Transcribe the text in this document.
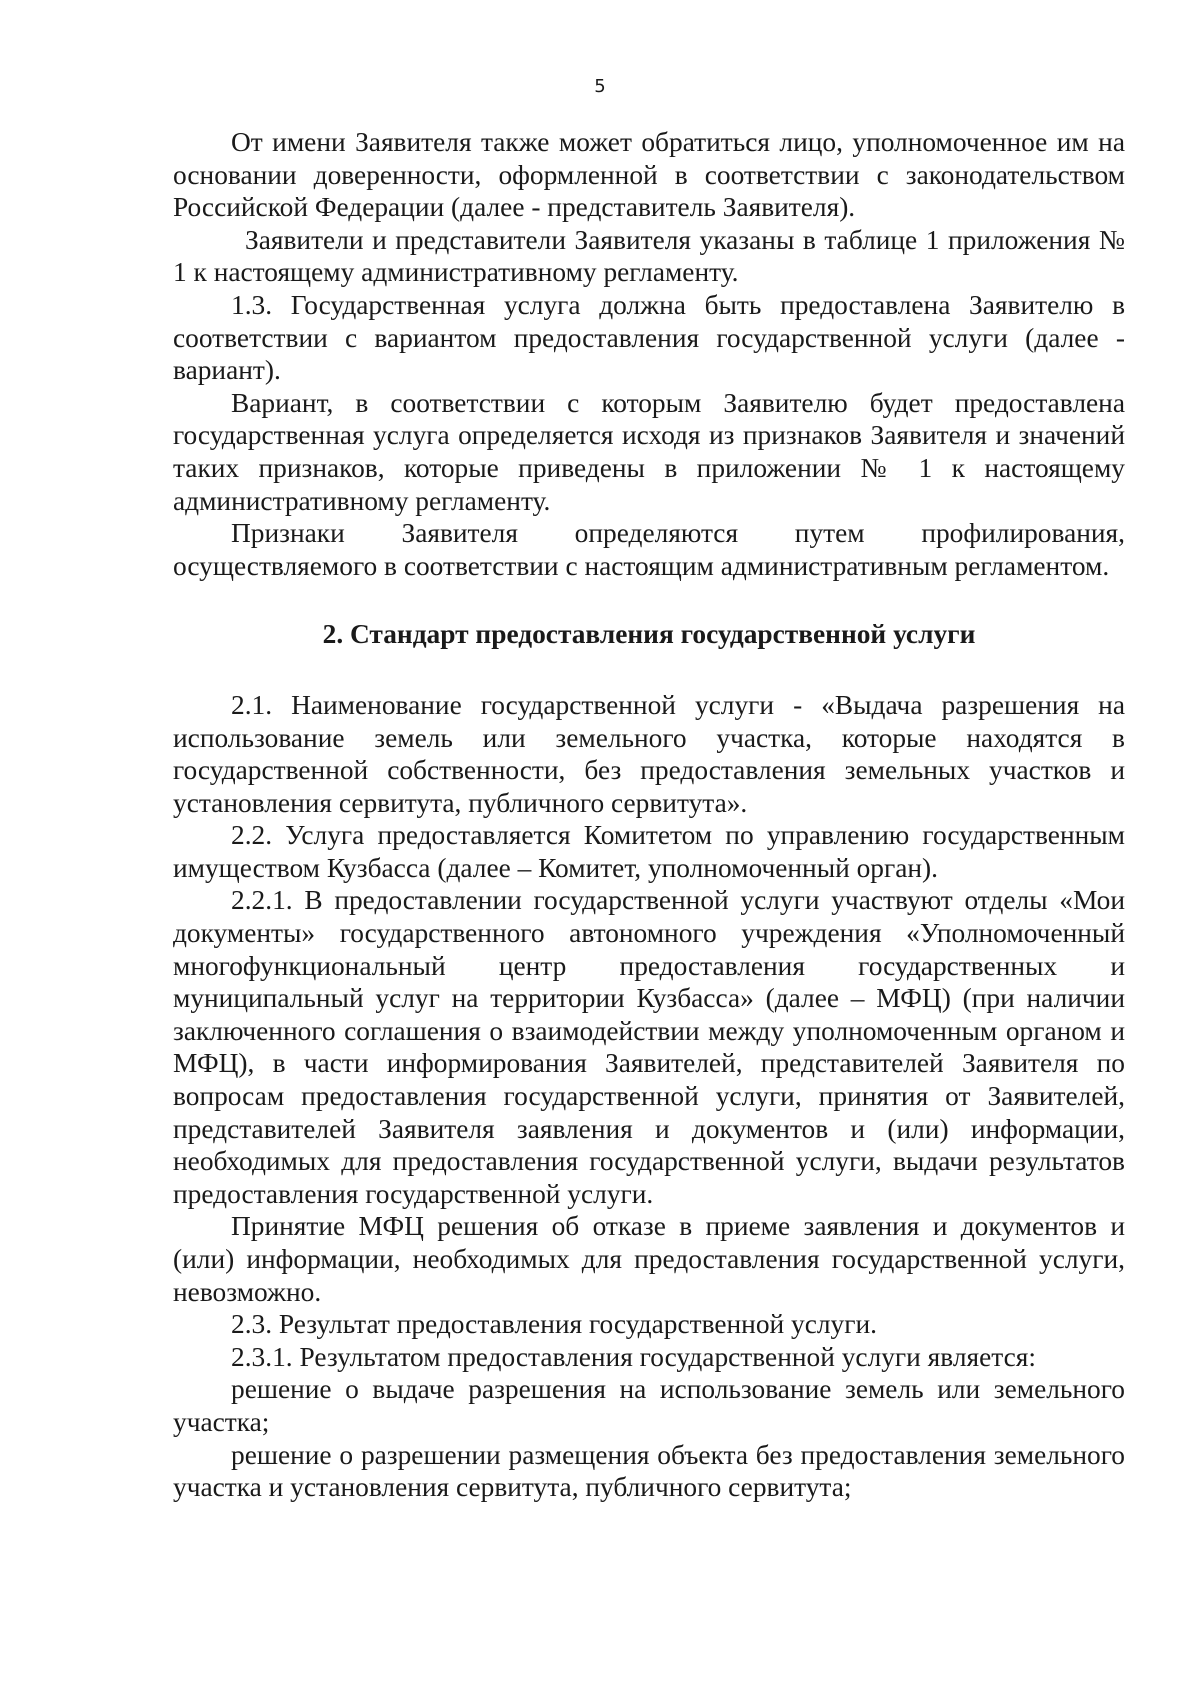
5

От имени Заявителя также может обратиться лицо, уполномоченное им на основании доверенности, оформленной в соответствии с законодательством Российской Федерации (далее - представитель Заявителя).

Заявители и представители Заявителя указаны в таблице 1 приложения № 1 к настоящему административному регламенту.

1.3. Государственная услуга должна быть предоставлена Заявителю в соответствии с вариантом предоставления государственной услуги (далее - вариант).

Вариант, в соответствии с которым Заявителю будет предоставлена государственная услуга определяется исходя из признаков Заявителя и значений таких признаков, которые приведены в приложении № 1 к настоящему административному регламенту.

Признаки Заявителя определяются путем профилирования, осуществляемого в соответствии с настоящим административным регламентом.

2. Стандарт предоставления государственной услуги

2.1. Наименование государственной услуги - «Выдача разрешения на использование земель или земельного участка, которые находятся в государственной собственности, без предоставления земельных участков и установления сервитута, публичного сервитута».

2.2. Услуга предоставляется Комитетом по управлению государственным имуществом Кузбасса (далее – Комитет, уполномоченный орган).

2.2.1. В предоставлении государственной услуги участвуют отделы «Мои документы» государственного автономного учреждения «Уполномоченный многофункциональный центр предоставления государственных и муниципальный услуг на территории Кузбасса» (далее – МФЦ) (при наличии заключенного соглашения о взаимодействии между уполномоченным органом и МФЦ), в части информирования Заявителей, представителей Заявителя по вопросам предоставления государственной услуги, принятия от Заявителей, представителей Заявителя заявления и документов и (или) информации, необходимых для предоставления государственной услуги, выдачи результатов предоставления государственной услуги.

Принятие МФЦ решения об отказе в приеме заявления и документов и (или) информации, необходимых для предоставления государственной услуги, невозможно.

2.3. Результат предоставления государственной услуги.

2.3.1. Результатом предоставления государственной услуги является:

решение о выдаче разрешения на использование земель или земельного участка;

решение о разрешении размещения объекта без предоставления земельного участка и установления сервитута, публичного сервитута;
